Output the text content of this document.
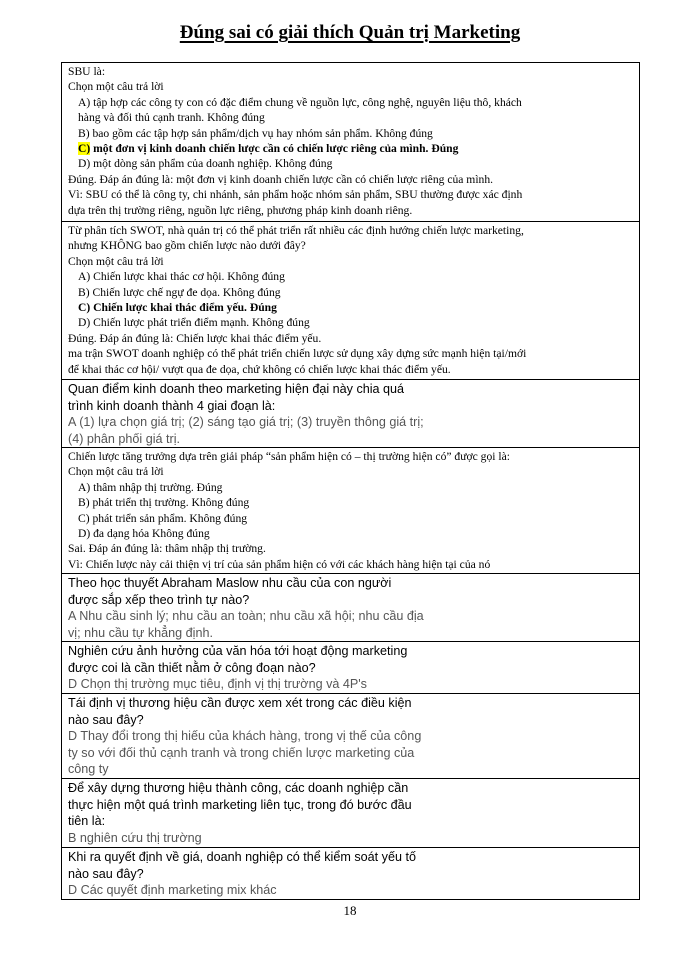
Đúng sai có giải thích Quản trị Marketing
SBU là:
Chọn một câu trả lời
A) tập hợp các công ty con có đặc điểm chung về nguồn lực, công nghệ, nguyên liệu thô, khách
hàng và đối thủ cạnh tranh. Không đúng
B) bao gồm các tập hợp sản phẩm/dịch vụ hay nhóm sản phẩm. Không đúng
C) một đơn vị kinh doanh chiến lược cần có chiến lược riêng của mình. Đúng
D) một dòng sản phẩm của doanh nghiệp. Không đúng
Đúng. Đáp án đúng là: một đơn vị kinh doanh chiến lược cần có chiến lược riêng của mình.
Vì: SBU có thể là công ty, chi nhánh, sản phẩm hoặc nhóm sản phẩm, SBU thường được xác định
dựa trên thị trường riêng, nguồn lực riêng, phương pháp kinh doanh riêng.
Từ phân tích SWOT, nhà quản trị có thể phát triển rất nhiều các định hướng chiến lược marketing,
nhưng KHÔNG bao gồm chiến lược nào dưới đây?
Chọn một câu trả lời
A) Chiến lược khai thác cơ hội. Không đúng
B) Chiến lược chế ngự đe dọa. Không đúng
C) Chiến lược khai thác điểm yếu. Đúng
D) Chiến lược phát triển điểm mạnh. Không đúng
Đúng. Đáp án đúng là: Chiến lược khai thác điểm yếu.
ma trận SWOT doanh nghiệp có thể phát triển chiến lược sử dụng xây dựng sức mạnh hiện tại/mới
để khai thác cơ hội/ vượt qua đe dọa, chứ không có chiến lược khai thác điểm yếu.
Quan điểm kinh doanh theo marketing hiện đại này chia quá
trình kinh doanh thành 4 giai đoạn là:
A (1) lựa chọn giá trị; (2) sáng tạo giá trị; (3) truyền thông giá trị;
(4) phân phối giá trị.
Chiến lược tăng trưởng dựa trên giải pháp “sản phẩm hiện có – thị trường hiện có” được gọi là:
Chọn một câu trả lời
A) thâm nhập thị trường. Đúng
B) phát triển thị trường. Không đúng
C) phát triển sản phẩm. Không đúng
D) đa dạng hóa Không đúng
Sai. Đáp án đúng là: thâm nhập thị trường.
Vì: Chiến lược này cải thiện vị trí của sản phẩm hiện có với các khách hàng hiện tại của nó
Theo học thuyết Abraham Maslow nhu cầu của con người
được sắp xếp theo trình tự nào?
A Nhu cầu sinh lý; nhu cầu an toàn; nhu cầu xã hội; nhu cầu địa
vị; nhu cầu tự khẳng định.
Nghiên cứu ảnh hưởng của văn hóa tới hoạt động marketing
được coi là cần thiết nằm ở công đoạn nào?
D Chọn thị trường mục tiêu, định vị thị trường và 4P's
Tái định vị thương hiệu cần được xem xét trong các điều kiện
nào sau đây?
D Thay đổi trong thị hiếu của khách hàng, trong vị thế của công
ty so với đối thủ cạnh tranh và trong chiến lược marketing của
công ty
Để xây dựng thương hiệu thành công, các doanh nghiệp cần
thực hiện một quá trình marketing liên tục, trong đó bước đầu
tiên là:
B nghiên cứu thị trường
Khi ra quyết định về giá, doanh nghiệp có thể kiểm soát yếu tố
nào sau đây?
D Các quyết định marketing mix khác
18
